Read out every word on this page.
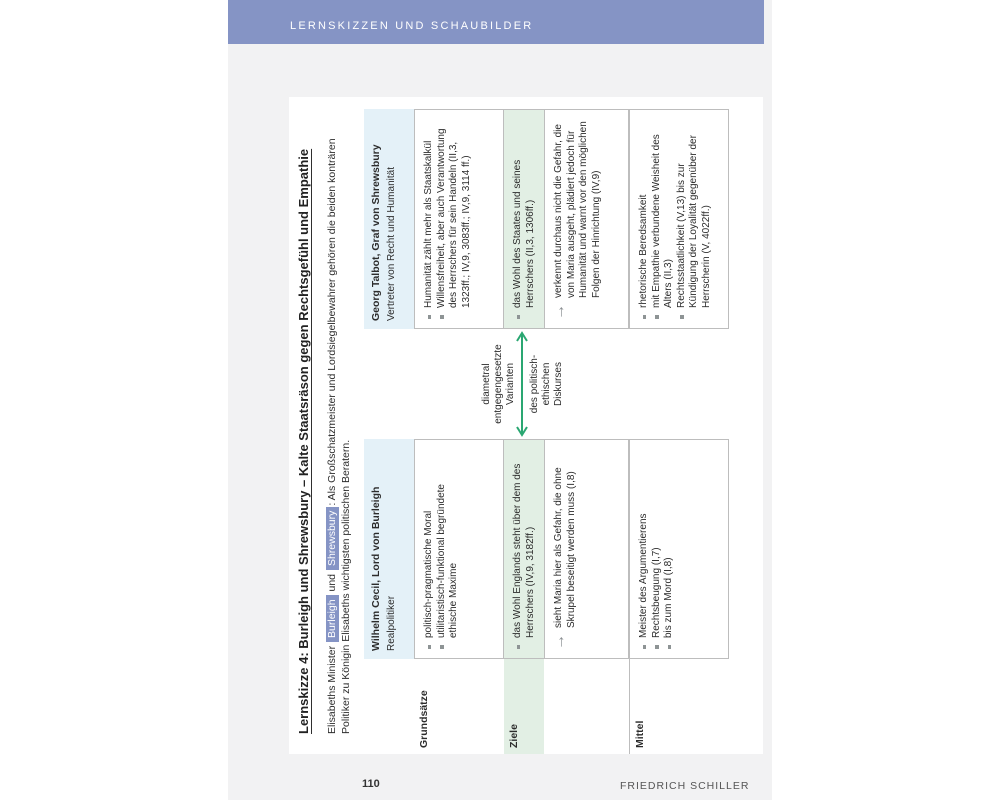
LERNSKIZZEN UND SCHAUBILDER
Lernskizze 4: Burleigh und Shrewsbury – Kalte Staatsräson gegen Rechtsgefühl und Empathie Elisabeths Minister Burleigh und Shrewsbury: Als Großschatzmeister und Lordsiegelbewahrer gehören die beiden konträren Politiker zu Königin Elisabeths wichtigsten politischen Beratern. Wilhelm Cecil, Lord von Burleigh Realpolitiker
Georg Talbot, Graf von Shrewsbury Vertreter von Recht und Humanität
Grundsätze
politisch-pragmatische Moral utilitaristisch-funktional begründete ethische Maxime
Humanität zählt mehr als Staatskalkül Willensfreiheit, aber auch Verantwortung des Herrschers für sein Handeln (II,3, 1323ff.; IV,9, 3083ff.; IV,9, 3114 ff.)
Ziele
das Wohl Englands steht über dem des Herrschers (IV,9, 3182ff.)
das Wohl des Staates und seines Herrschers (II,3, 1306ff.)
→
sieht Maria hier als Gefahr, die ohne Skrupel beseitigt werden muss (I,8)
→
verkennt durchaus nicht die Gefahr, die von Maria ausgeht, plädiert jedoch für Humanität und warnt vor den möglichen Folgen der Hinrichtung (IV,9)
diametral entgegengesetzte Varianten des politisch- ethischen Diskurses
Mittel
Meister des Argumentierens Rechtsbeugung (I,7) bis zum Mord (I,8)
rhetorische Beredsamkeit mit Empathie verbundene Weisheit des Alters (II,3) Rechtsstaatlichkeit (V,13) bis zur Kündigung der Loyalität gegenüber der Herrscherin (V, 4022ff.)
110	FRIEDRICH SCHILLER
